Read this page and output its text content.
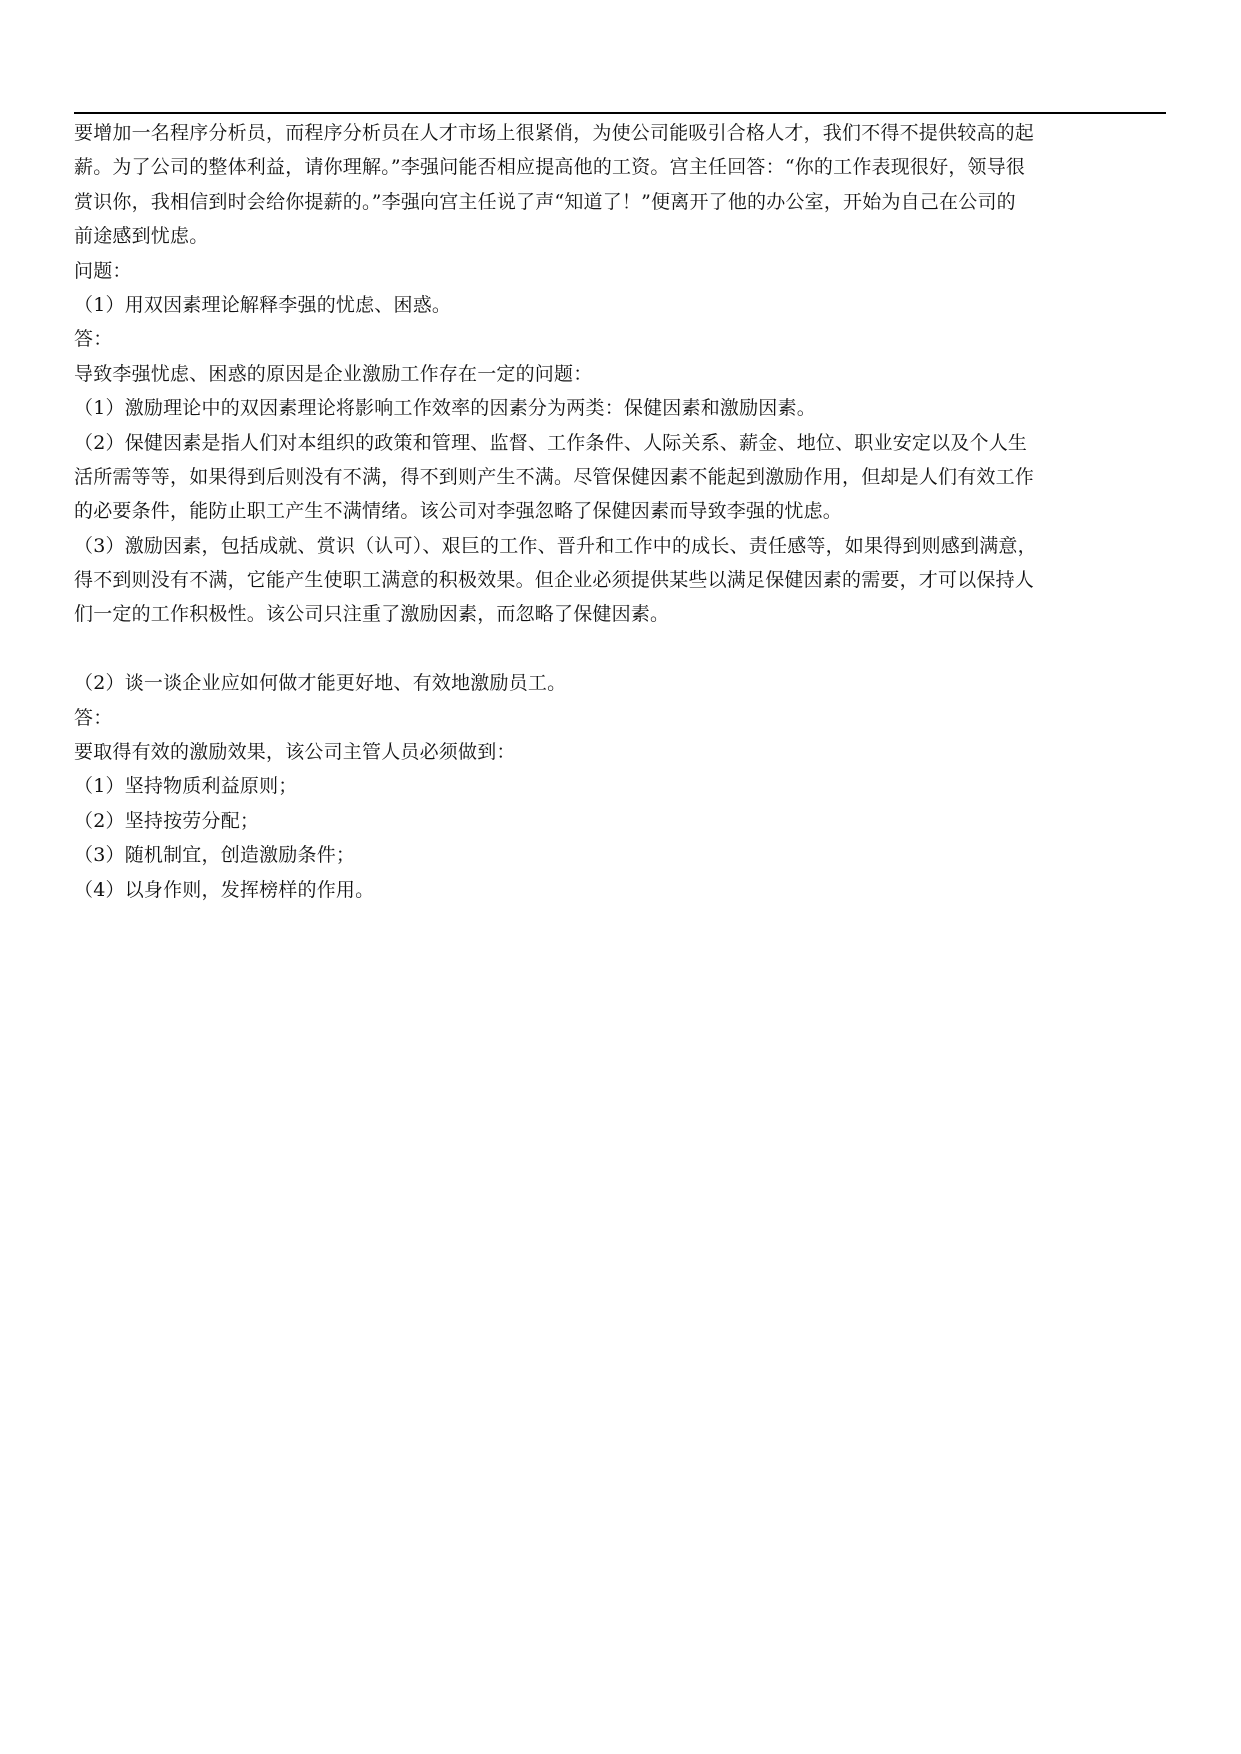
要增加一名程序分析员，而程序分析员在人才市场上很紧俏，为使公司能吸引合格人才，我们不得不提供较高的起
薪。为了公司的整体利益，请你理解。”李强问能否相应提高他的工资。宫主任回答：“你的工作表现很好，领导很
赏识你，我相信到时会给你提薪的。”李强向宫主任说了声“知道了！”便离开了他的办公室，开始为自己在公司的
前途感到忧虑。
问题：
（1）用双因素理论解释李强的忧虑、困惑。
答：
导致李强忧虑、困惑的原因是企业激励工作存在一定的问题：
（1）激励理论中的双因素理论将影响工作效率的因素分为两类：保健因素和激励因素。
（2）保健因素是指人们对本组织的政策和管理、监督、工作条件、人际关系、薪金、地位、职业安定以及个人生
活所需等等，如果得到后则没有不满，得不到则产生不满。尽管保健因素不能起到激励作用，但却是人们有效工作
的必要条件，能防止职工产生不满情绪。该公司对李强忽略了保健因素而导致李强的忧虑。
（3）激励因素，包括成就、赏识（认可）、艰巨的工作、晋升和工作中的成长、责任感等，如果得到则感到满意，
得不到则没有不满，它能产生使职工满意的积极效果。但企业必须提供某些以满足保健因素的需要，才可以保持人
们一定的工作积极性。该公司只注重了激励因素，而忽略了保健因素。
（2）谈一谈企业应如何做才能更好地、有效地激励员工。
答：
要取得有效的激励效果，该公司主管人员必须做到：
（1）坚持物质利益原则；
（2）坚持按劳分配；
（3）随机制宜，创造激励条件；
（4）以身作则，发挥榜样的作用。
